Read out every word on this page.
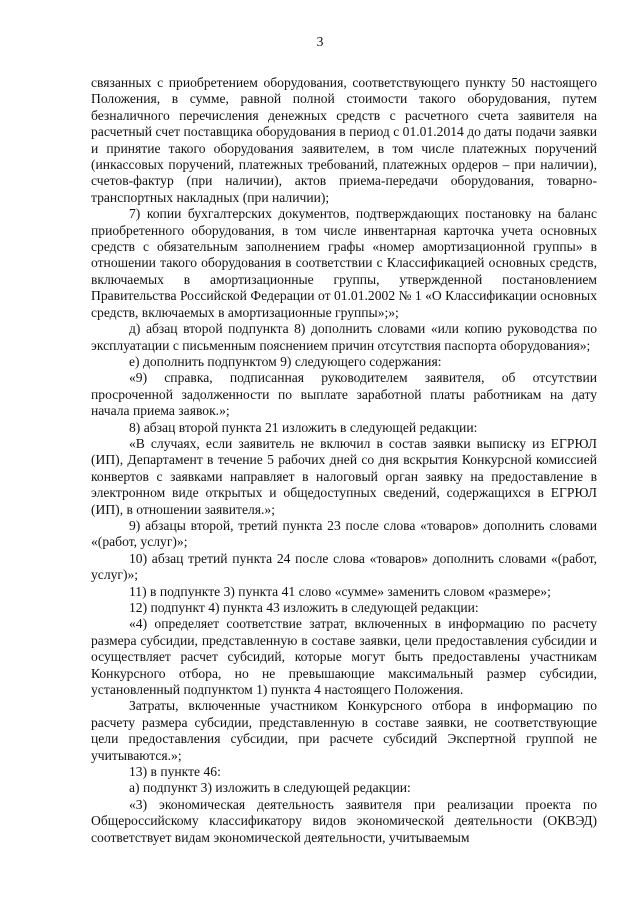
3

связанных с приобретением оборудования, соответствующего пункту 50 настоящего Положения, в сумме, равной полной стоимости такого оборудования, путем безналичного перечисления денежных средств с расчетного счета заявителя на расчетный счет поставщика оборудования в период с 01.01.2014 до даты подачи заявки и принятие такого оборудования заявителем, в том числе платежных поручений (инкассовых поручений, платежных требований, платежных ордеров – при наличии), счетов-фактур (при наличии), актов приема-передачи оборудования, товарно-транспортных накладных (при наличии);

7) копии бухгалтерских документов, подтверждающих постановку на баланс приобретенного оборудования, в том числе инвентарная карточка учета основных средств с обязательным заполнением графы «номер амортизационной группы» в отношении такого оборудования в соответствии с Классификацией основных средств, включаемых в амортизационные группы, утвержденной постановлением Правительства Российской Федерации от 01.01.2002 № 1 «О Классификации основных средств, включаемых в амортизационные группы»;»;

д) абзац второй подпункта 8) дополнить словами «или копию руководства по эксплуатации с письменным пояснением причин отсутствия паспорта оборудования»;

е) дополнить подпунктом 9) следующего содержания:

«9) справка, подписанная руководителем заявителя, об отсутствии просроченной задолженности по выплате заработной платы работникам на дату начала приема заявок.»;

8) абзац второй пункта 21 изложить в следующей редакции:

«В случаях, если заявитель не включил в состав заявки выписку из ЕГРЮЛ (ИП), Департамент в течение 5 рабочих дней со дня вскрытия Конкурсной комиссией конвертов с заявками направляет в налоговый орган заявку на предоставление в электронном виде открытых и общедоступных сведений, содержащихся в ЕГРЮЛ (ИП), в отношении заявителя.»;

9) абзацы второй, третий пункта 23 после слова «товаров» дополнить словами «(работ, услуг)»;

10) абзац третий пункта 24 после слова «товаров» дополнить словами «(работ, услуг)»;

11) в подпункте 3) пункта 41 слово «сумме» заменить словом «размере»;

12) подпункт 4) пункта 43 изложить в следующей редакции:

«4) определяет соответствие затрат, включенных в информацию по расчету размера субсидии, представленную в составе заявки, цели предоставления субсидии и осуществляет расчет субсидий, которые могут быть предоставлены участникам Конкурсного отбора, но не превышающие максимальный размер субсидии, установленный подпунктом 1) пункта 4 настоящего Положения.

Затраты, включенные участником Конкурсного отбора в информацию по расчету размера субсидии, представленную в составе заявки, не соответствующие цели предоставления субсидии, при расчете субсидий Экспертной группой не учитываются.»;

13) в пункте 46:

а) подпункт 3) изложить в следующей редакции:

«3) экономическая деятельность заявителя при реализации проекта по Общероссийскому классификатору видов экономической деятельности (ОКВЭД) соответствует видам экономической деятельности, учитываемым
